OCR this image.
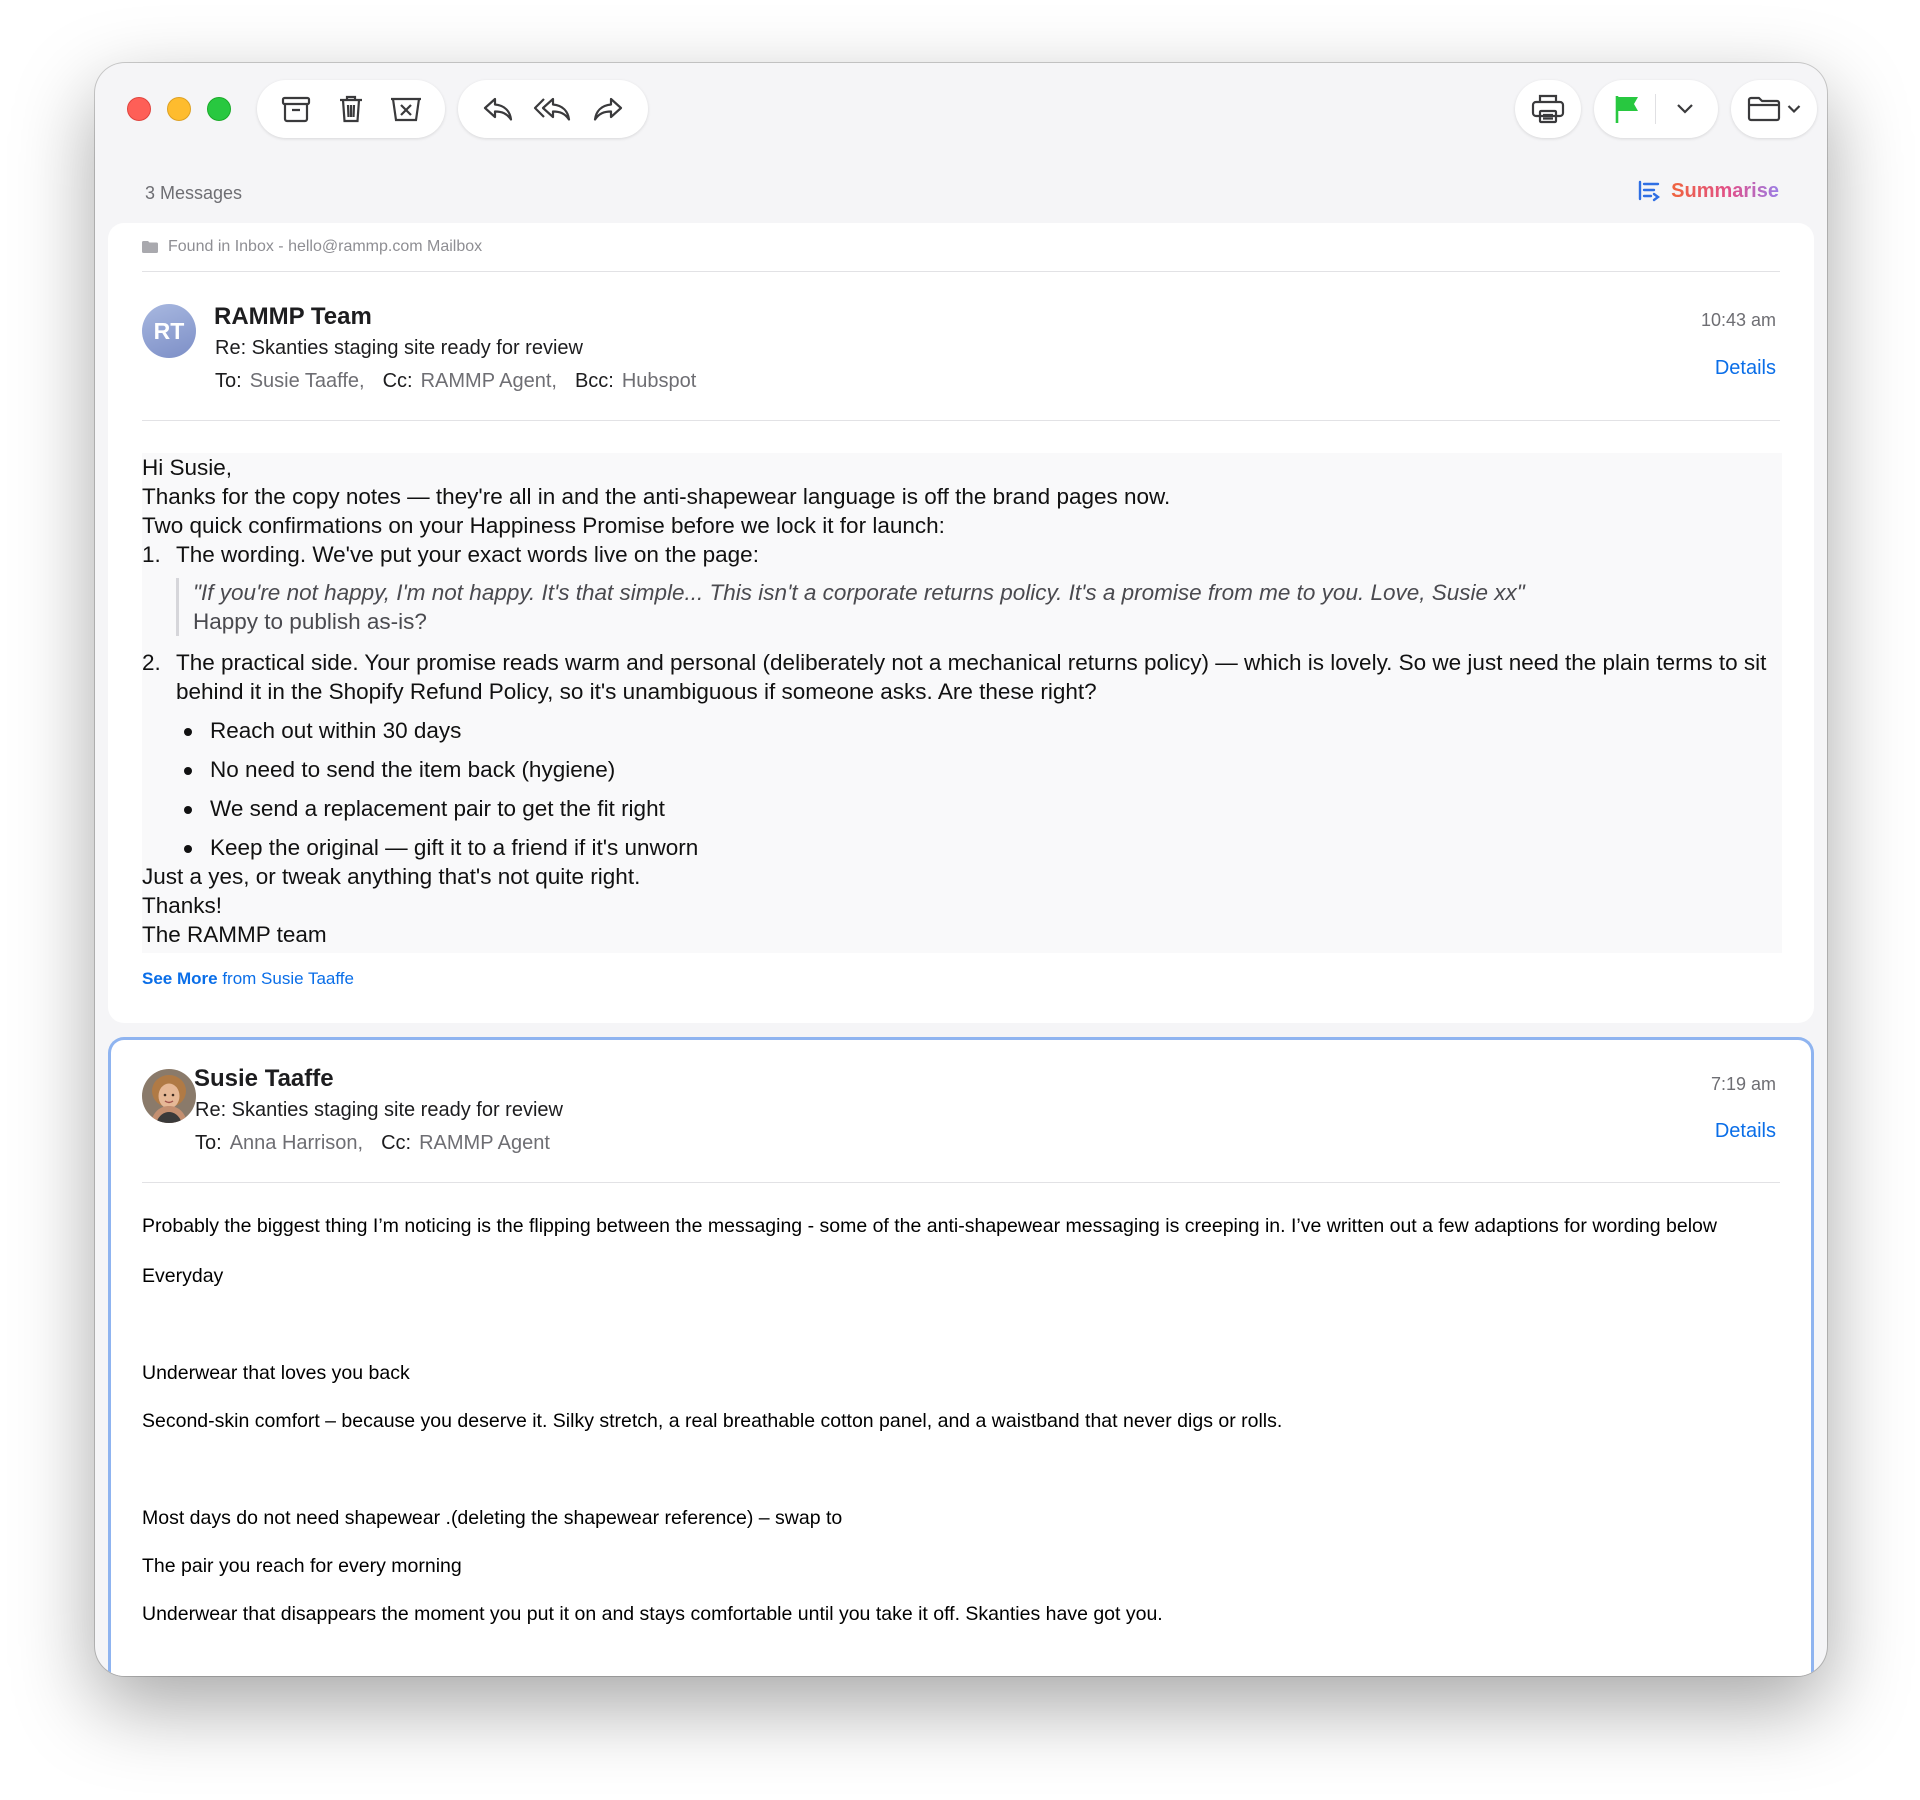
3 Messages	Summarise
Found in Inbox - hello@rammp.com Mailbox
RT
RAMMP Team
Re: Skanties staging site ready for review
To: Susie Taaffe, Cc: RAMMP Agent, Bcc: Hubspot
10:43 am
Details

Hi Susie,

Thanks for the copy notes — they're all in and the anti-shapewear language is off the brand pages now.

Two quick confirmations on your Happiness Promise before we lock it for launch:

1. The wording. We've put your exact words live on the page:
"If you're not happy, I'm not happy. It's that simple... This isn't a corporate returns policy. It's a promise from me to you. Love, Susie xx"
Happy to publish as-is?
2. The practical side. Your promise reads warm and personal (deliberately not a mechanical returns policy) — which is lovely. So we just need the plain terms to sit behind it in the Shopify Refund Policy, so it's unambiguous if someone asks. Are these right?
Reach out within 30 days
No need to send the item back (hygiene)
We send a replacement pair to get the fit right
Keep the original — gift it to a friend if it's unworn

Just a yes, or tweak anything that's not quite right.

Thanks!

The RAMMP team

See More from Susie Taaffe
Susie Taaffe
Re: Skanties staging site ready for review
To: Anna Harrison, Cc: RAMMP Agent
7:19 am
Details

Probably the biggest thing I’m noticing is the flipping between the messaging - some of the anti-shapewear messaging is creeping in. I’ve written out a few adaptions for wording below

Everyday

Underwear that loves you back

Second-skin comfort – because you deserve it. Silky stretch, a real breathable cotton panel, and a waistband that never digs or rolls.

Most days do not need shapewear .(deleting the shapewear reference) – swap to

The pair you reach for every morning

Underwear that disappears the moment you put it on and stays comfortable until you take it off. Skanties have got you.
